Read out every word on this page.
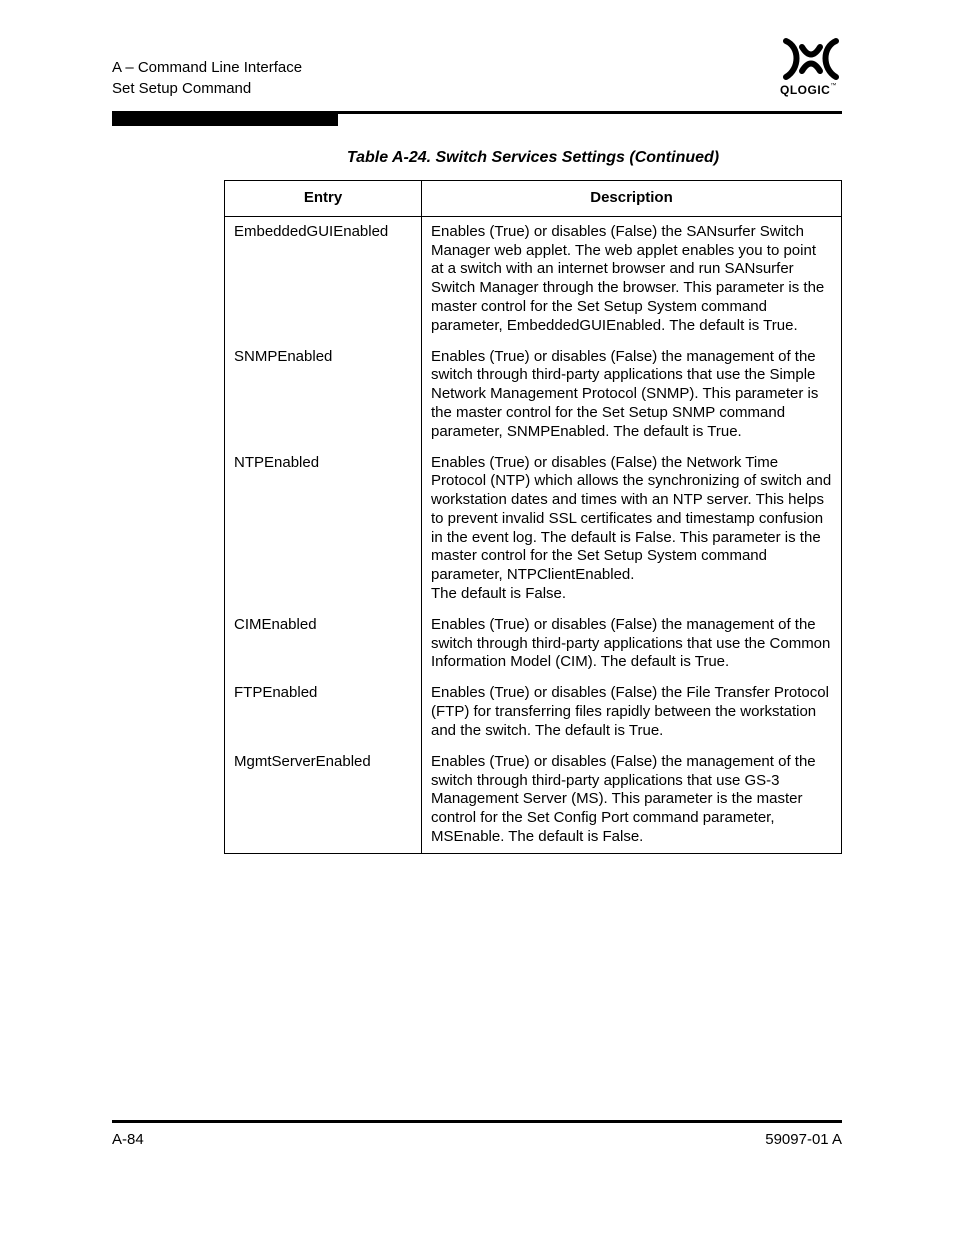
A – Command Line Interface
Set Setup Command	QLOGIC™
Table A-24. Switch Services Settings (Continued)
Entry	Description
EmbeddedGUIEnabled	Enables (True) or disables (False) the SANsurfer Switch Manager web applet. The web applet enables you to point at a switch with an internet browser and run SANsurfer Switch Manager through the browser. This parameter is the master control for the Set Setup System command parameter, EmbeddedGUIEnabled. The default is True.
SNMPEnabled	Enables (True) or disables (False) the management of the switch through third-party applications that use the Simple Network Management Protocol (SNMP). This parameter is the master control for the Set Setup SNMP command parameter, SNMPEnabled. The default is True.
NTPEnabled	Enables (True) or disables (False) the Network Time Protocol (NTP) which allows the synchronizing of switch and workstation dates and times with an NTP server. This helps to prevent invalid SSL certificates and timestamp confusion in the event log. The default is False. This parameter is the master control for the Set Setup System command parameter, NTPClientEnabled.
The default is False.

CIMEnabled	Enables (True) or disables (False) the management of the switch through third-party applications that use the Common Information Model (CIM). The default is True.
FTPEnabled	Enables (True) or disables (False) the File Transfer Protocol (FTP) for transferring files rapidly between the workstation and the switch. The default is True.
MgmtServerEnabled	Enables (True) or disables (False) the management of the switch through third-party applications that use GS-3 Management Server (MS). This parameter is the master control for the Set Config Port command parameter, MSEnable. The default is False.
A-84	59097-01 A
